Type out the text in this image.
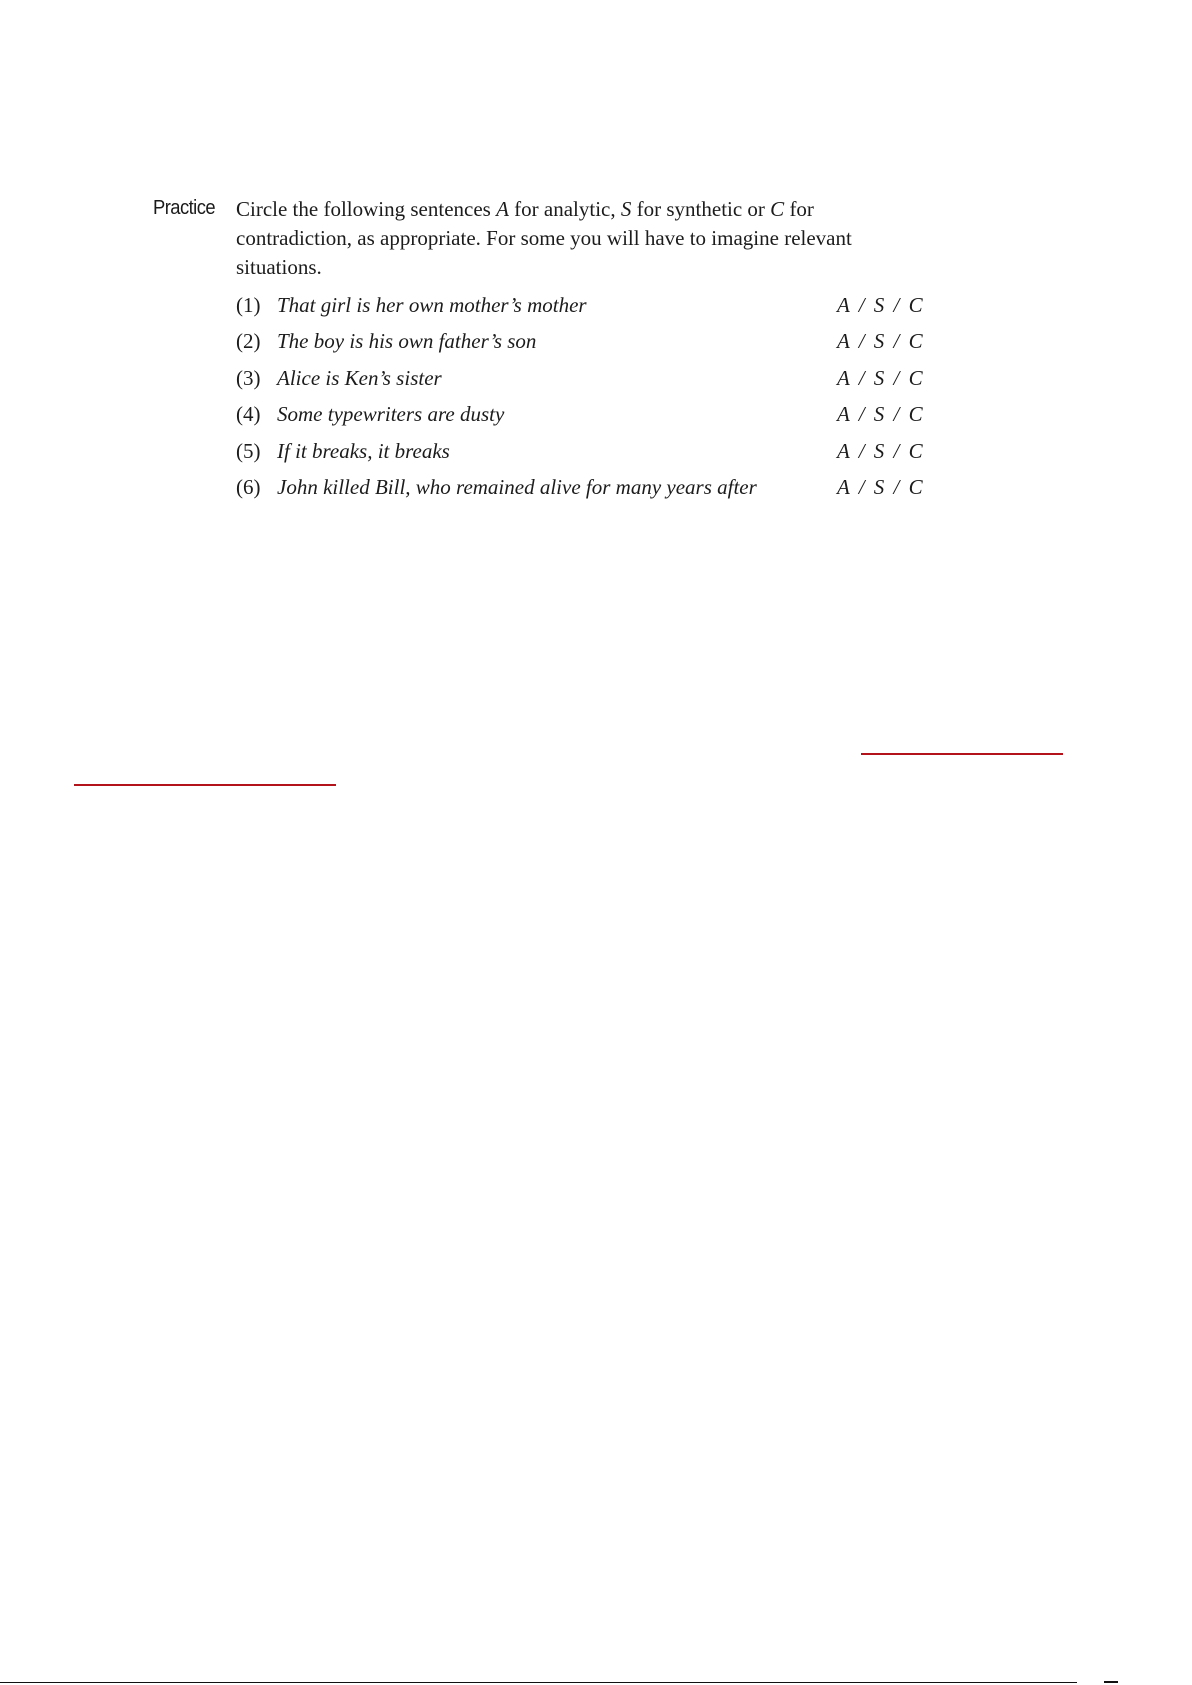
Practice Circle the following sentences A for analytic, S for synthetic or C for contradiction, as appropriate. For some you will have to imagine relevant situations.
(1) That girl is her own mother’s mother	A / S / C
(2) The boy is his own father’s son	A / S / C
(3) Alice is Ken’s sister	A / S / C
(4) Some typewriters are dusty	A / S / C
(5) If it breaks, it breaks	A / S / C
(6) John killed Bill, who remained alive for many years after	A / S / C
